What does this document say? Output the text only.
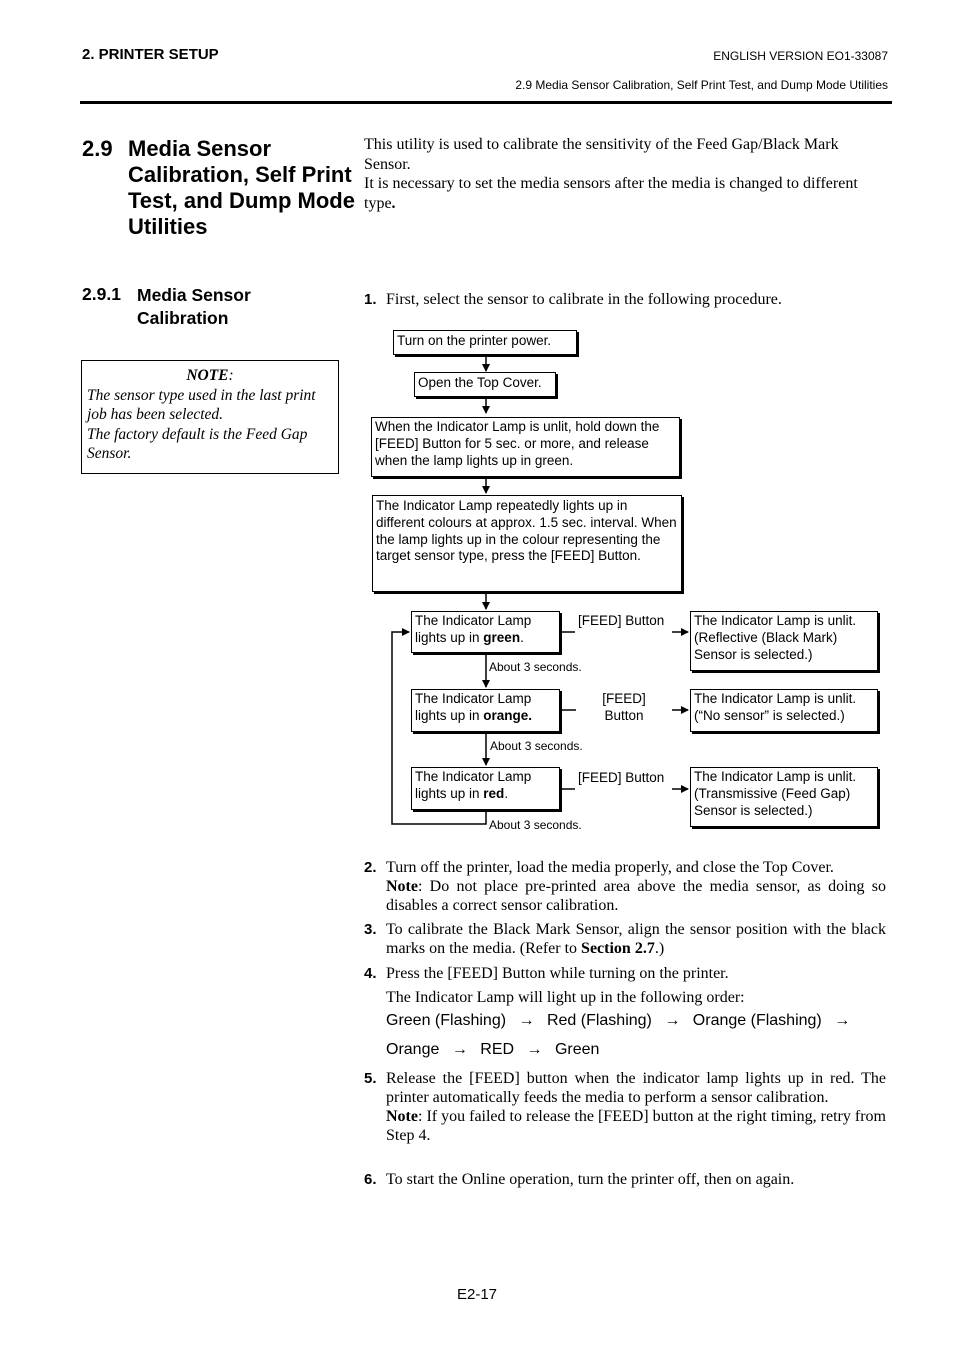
2. PRINTER SETUP	ENGLISH VERSION EO1-33087
2.9 Media Sensor Calibration, Self Print Test, and Dump Mode Utilities
2.9 Media Sensor
Calibration, Self Print
Test, and Dump Mode
Utilities
This utility is used to calibrate the sensitivity of the Feed Gap/Black Mark Sensor.
It is necessary to set the media sensors after the media is changed to different type.
2.9.1 Media Sensor
Calibration
NOTE:
The sensor type used in the last print job has been selected.
The factory default is the Feed Gap Sensor.
1. First, select the sensor to calibrate in the following procedure.
Turn on the printer power.
Open the Top Cover.
When the Indicator Lamp is unlit, hold down the [FEED] Button for 5 sec. or more, and release when the lamp lights up in green.
The Indicator Lamp repeatedly lights up in different colours at approx. 1.5 sec. interval. When the lamp lights up in the colour representing the target sensor type, press the [FEED] Button.
The Indicator Lamp lights up in green.
The Indicator Lamp lights up in orange.
The Indicator Lamp lights up in red.
[FEED] Button
[FEED]
Button
[FEED] Button
The Indicator Lamp is unlit. (Reflective (Black Mark) Sensor is selected.)
The Indicator Lamp is unlit. (“No sensor” is selected.)
The Indicator Lamp is unlit. (Transmissive (Feed Gap) Sensor is selected.)
About 3 seconds.
About 3 seconds.
About 3 seconds.
2. Turn off the printer, load the media properly, and close the Top Cover.
Note: Do not place pre-printed area above the media sensor, as doing so disables a correct sensor calibration.
3. To calibrate the Black Mark Sensor, align the sensor position with the black marks on the media. (Refer to Section 2.7.)
4. Press the [FEED] Button while turning on the printer.
The Indicator Lamp will light up in the following order:
Green (Flashing) → Red (Flashing) → Orange (Flashing) →
Orange → RED → Green
5. Release the [FEED] button when the indicator lamp lights up in red. The printer automatically feeds the media to perform a sensor calibration.
Note: If you failed to release the [FEED] button at the right timing, retry from Step 4.
6. To start the Online operation, turn the printer off, then on again.
E2-17
